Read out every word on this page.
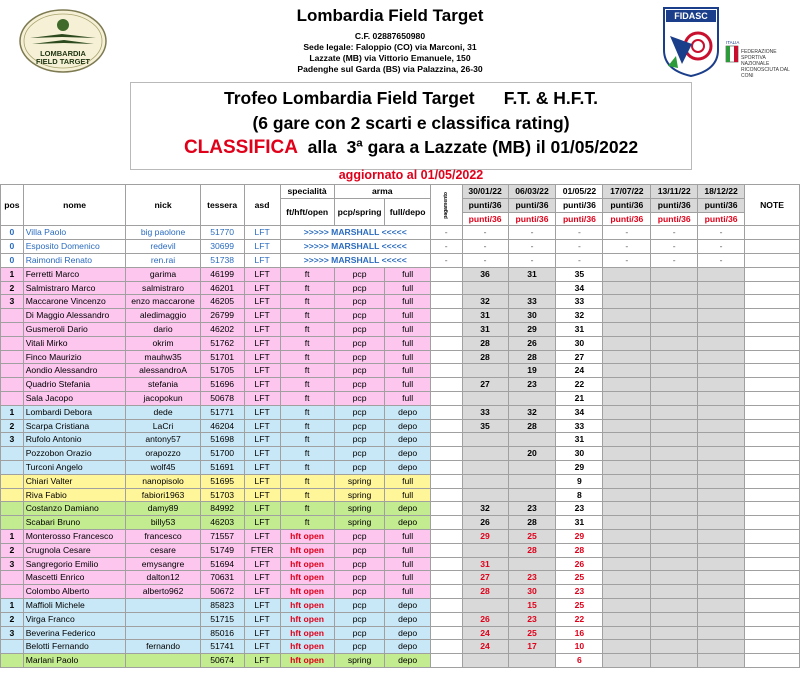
LOMBARDIA
FIELD TARGET
Lombardia Field Target
C.F. 02887650980
Sede legale: Faloppio (CO) via Marconi, 31
Lazzate (MB) via Vittorio Emanuele, 150
Padenghe sul Garda (BS) via Palazzina, 26-30
FIDASC
ITALIA
FEDERAZIONE SPORTIVA NAZIONALE RICONOSCIUTA DAL CONI
Trofeo Lombardia Field Target      F.T. & H.F.T.
(6 gare con 2 scarti e classifica rating)
CLASSIFICA  alla  3ª gara a Lazzate (MB) il 01/05/2022
aggiornato al 01/05/2022
pos	nome	nick	tessera	asd	specialità	arma		pagamento	30/01/22	06/03/22	01/05/22	17/07/22	13/11/22	18/12/22	NOTE
					ft/hft/open	pcp/spring	full/depo		punti/36	punti/36	punti/36	punti/36	punti/36	punti/36	
									punti/36	punti/36	punti/36	punti/36	punti/36	punti/36	
0	Villa Paolo	big paolone	51770	LFT	>>>>> MARSHALL <<<<<			-	-	-	-	-	-	-	
0	Esposito Domenico	redevil	30699	LFT	>>>>> MARSHALL <<<<<			-	-	-	-	-	-	-	
0	Raimondi Renato	ren.rai	51738	LFT	>>>>> MARSHALL <<<<<			-	-	-	-	-	-	-	
1	Ferretti Marco	garima	46199	LFT	ft	pcp	full		36	31	35				
2	Salmistraro Marco	salmistraro	46201	LFT	ft	pcp	full				34				
3	Maccarone Vincenzo	enzo maccarone	46205	LFT	ft	pcp	full		32	33	33				
	Di Maggio Alessandro	aledimaggio	26799	LFT	ft	pcp	full		31	30	32				
	Gusmeroli Dario	dario	46202	LFT	ft	pcp	full		31	29	31				
	Vitali Mirko	okrim	51762	LFT	ft	pcp	full		28	26	30				
	Finco Maurizio	mauhw35	51701	LFT	ft	pcp	full		28	28	27				
	Aondio Alessandro	alessandroA	51705	LFT	ft	pcp	full			19	24				
	Quadrio Stefania	stefania	51696	LFT	ft	pcp	full		27	23	22				
	Sala Jacopo	jacopokun	50678	LFT	ft	pcp	full				21				
1	Lombardi Debora	dede	51771	LFT	ft	pcp	depo		33	32	34				
2	Scarpa Cristiana	LaCri	46204	LFT	ft	pcp	depo		35	28	33				
3	Rufolo Antonio	antony57	51698	LFT	ft	pcp	depo				31				
	Pozzobon Orazio	orapozzo	51700	LFT	ft	pcp	depo			20	30				
	Turconi Angelo	wolf45	51691	LFT	ft	pcp	depo				29				
	Chiari Valter	nanopisolo	51695	LFT	ft	spring	full				9				
	Riva Fabio	fabiori1963	51703	LFT	ft	spring	full				8				
	Costanzo Damiano	damy89	84992	LFT	ft	spring	depo		32	23	23				
	Scabari Bruno	billy53	46203	LFT	ft	spring	depo		26	28	31				
1	Monterosso Francesco	francesco	71557	LFT	hft open	pcp	full		29	25	29				
2	Crugnola Cesare	cesare	51749	FTER	hft open	pcp	full			28	28				
3	Sangregorio Emilio	emysangre	51694	LFT	hft open	pcp	full		31		26				
	Mascetti Enrico	dalton12	70631	LFT	hft open	pcp	full		27	23	25				
	Colombo Alberto	alberto962	50672	LFT	hft open	pcp	full		28	30	23				
1	Maffioli Michele		85823	LFT	hft open	pcp	depo			15	25				
2	Virga Franco		51715	LFT	hft open	pcp	depo		26	23	22				
3	Beverina Federico		85016	LFT	hft open	pcp	depo		24	25	16				
	Belotti Fernando	fernando	51741	LFT	hft open	pcp	depo		24	17	10				
	Marlani Paolo		50674	LFT	hft open	spring	depo				6				
